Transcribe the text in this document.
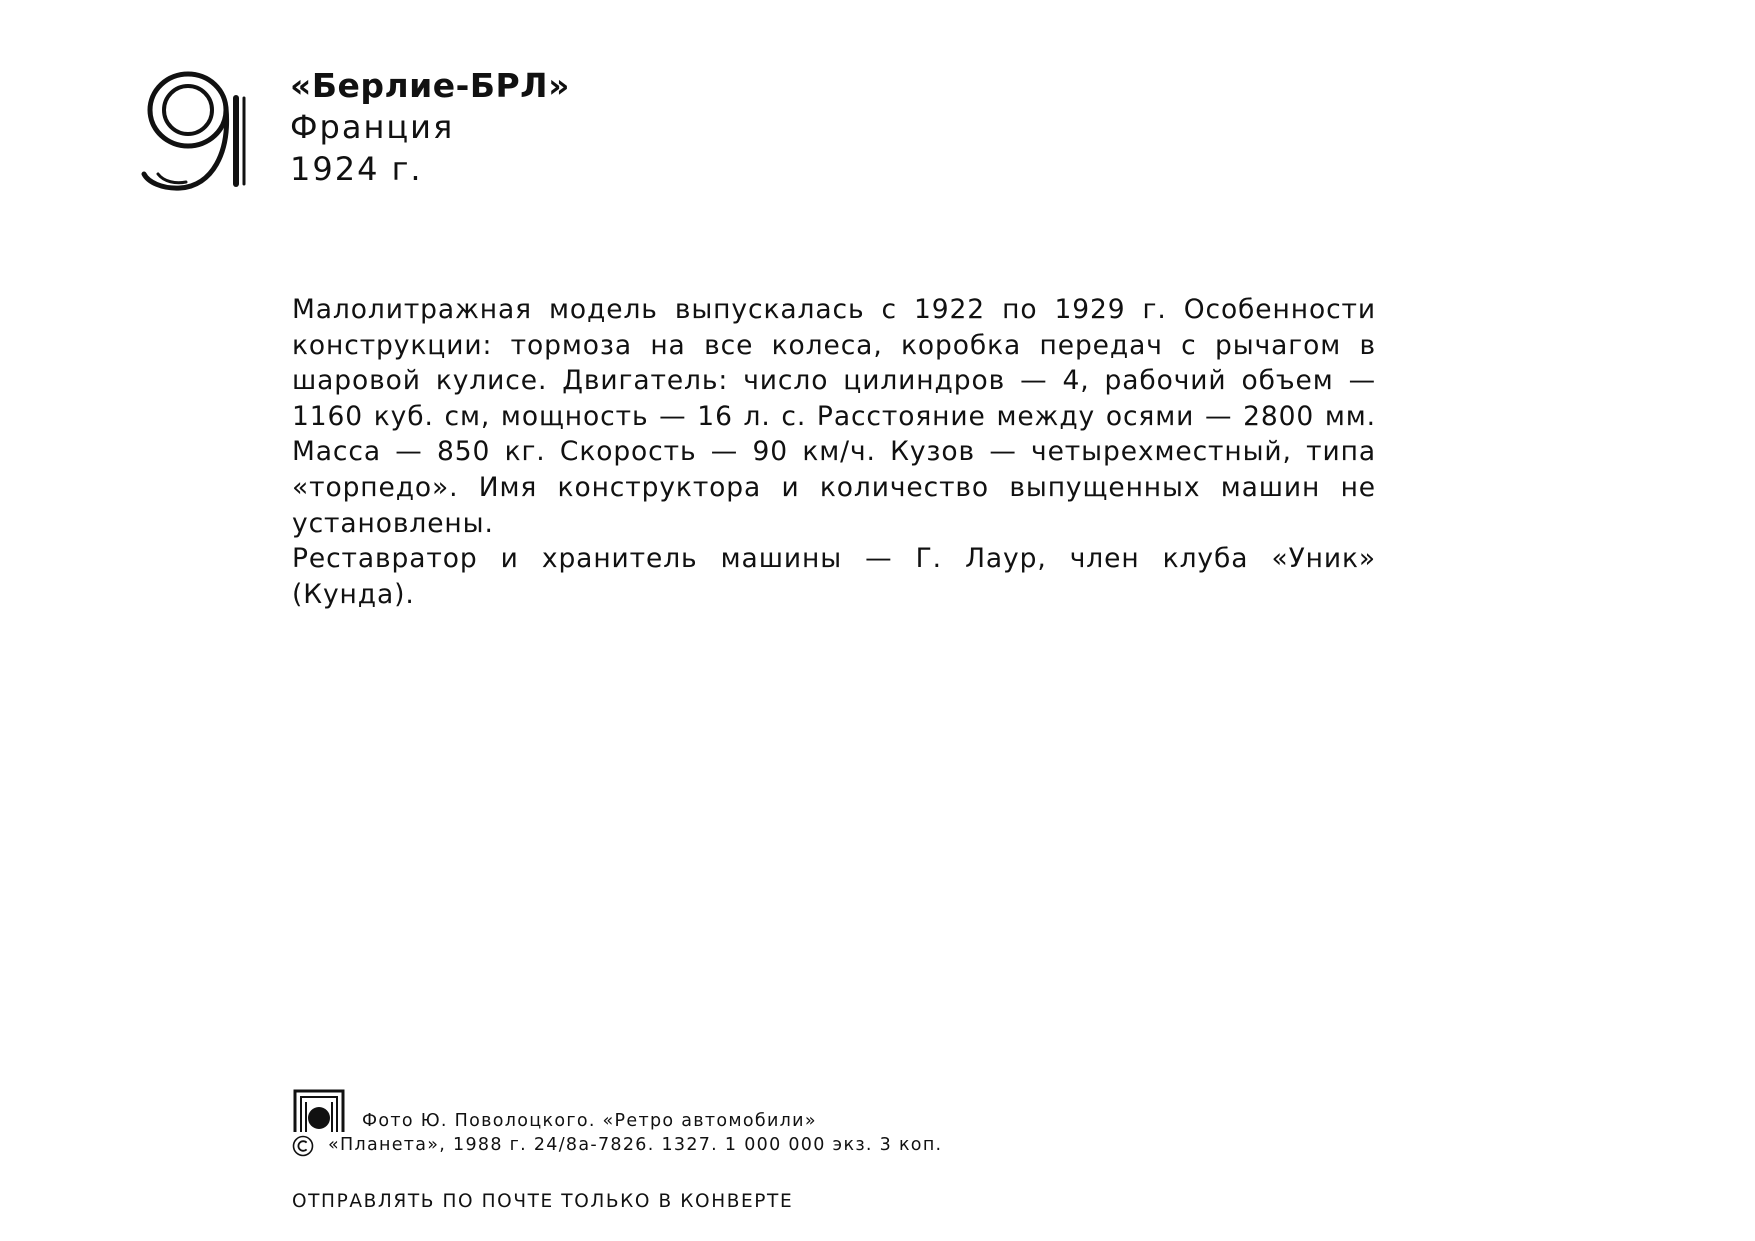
«Берлие-БРЛ»

Франция

1924 г.

Малолитражная модель выпускалась с 1922 по 1929 г. Особенности конструкции: тормоза на все колеса, коробка передач с рычагом в шаровой кулисе. Двигатель: число цилиндров — 4, рабочий объем — 1160 куб. см, мощность — 16 л. с. Расстояние между осями — 2800 мм. Масса — 850 кг. Скорость — 90 км/ч. Кузов — четырехместный, типа «торпедо». Имя конструктора и количество выпущенных машин не установлены.

Реставратор и хранитель машины — Г. Лаур, член клуба «Уник» (Кунда).

Фото Ю. Поволоцкого. «Ретро автомобили»
«Планета», 1988 г. 24/8а-7826. 1327. 1 000 000 экз. 3 коп.
ОТПРАВЛЯТЬ ПО ПОЧТЕ ТОЛЬКО В КОНВЕРТЕ
